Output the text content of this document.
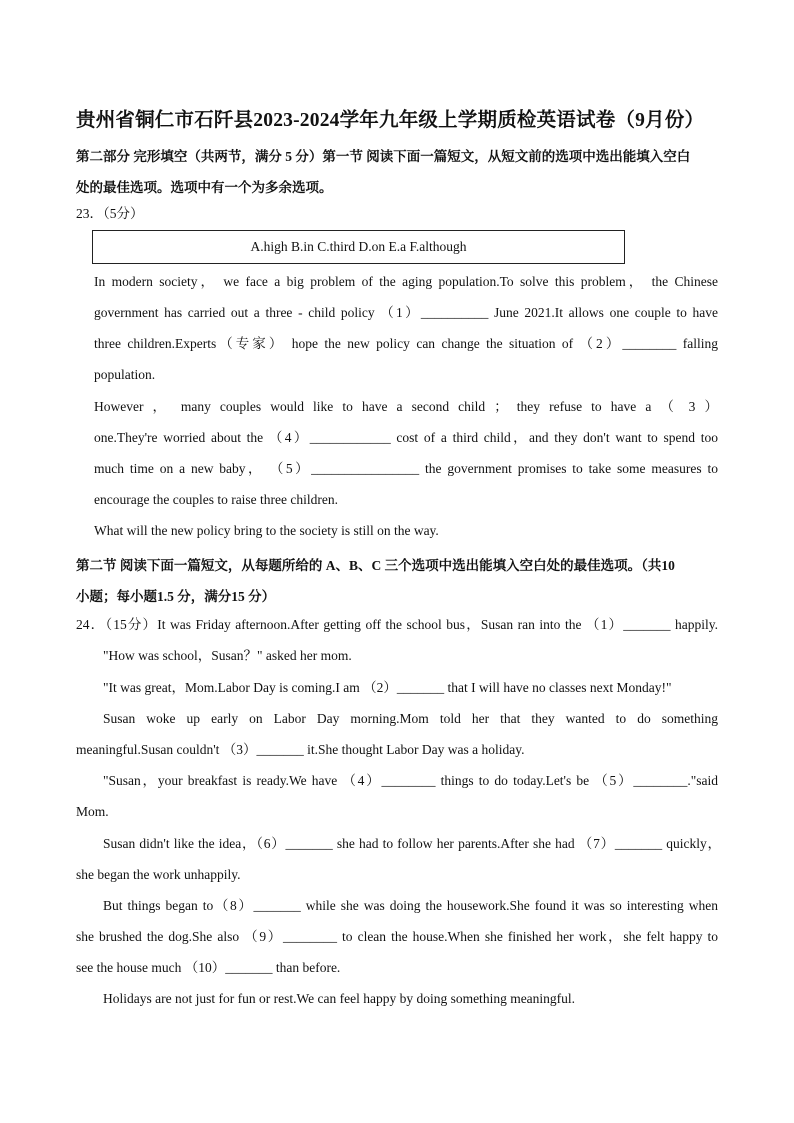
贵州省铜仁市石阡县2023-2024学年九年级上学期质检英语试卷（9月份）
第二部分 完形填空（共两节，满分 5 分）第一节 阅读下面一篇短文，从短文前的选项中选出能填入空白
处的最佳选项。选项中有一个为多余选项。
23．（5分）
A.high B.in C.third D.on E.a F.although
In modern society， we face a big problem of the aging population.To solve this problem， the Chinese
government has carried out a three - child policy （1）__________ June 2021.It allows one couple to have
three children.Experts（专家） hope the new policy can change the situation of （2）________ falling
population.
However ， many couples would like to have a second child ； they refuse to have a （ 3 ）
one.They're worried about the （4）____________ cost of a third child，and they don't want to spend too
much time on a new baby， （5）________________ the government promises to take some measures to
encourage the couples to raise three children.
What will the new policy bring to the society is still on the way.
第二节 阅读下面一篇短文，从每题所给的 A、B、C 三个选项中选出能填入空白处的最佳选项。（共10
小题；每小题1.5 分，满分15 分）
24．（15分）It was Friday afternoon.After getting off the school bus，Susan ran into the （1）_______ happily.
"How was school，Susan？" asked her mom.
"It was great，Mom.Labor Day is coming.I am （2）_______ that I will have no classes next Monday!"
Susan woke up early on Labor Day morning.Mom told her that they wanted to do something
meaningful.Susan couldn't （3）_______ it.She thought Labor Day was a holiday.
"Susan，your breakfast is ready.We have （4）________ things to do today.Let's be （5）________."said
Mom.
Susan didn't like the idea，（6）_______ she had to follow her parents.After she had （7）_______ quickly，
she began the work unhappily.
But things began to（8）_______ while she was doing the housework.She found it was so interesting when
she brushed the dog.She also （9）________ to clean the house.When she finished her work，she felt happy to
see the house much （10）_______ than before.
Holidays are not just for fun or rest.We can feel happy by doing something meaningful.
